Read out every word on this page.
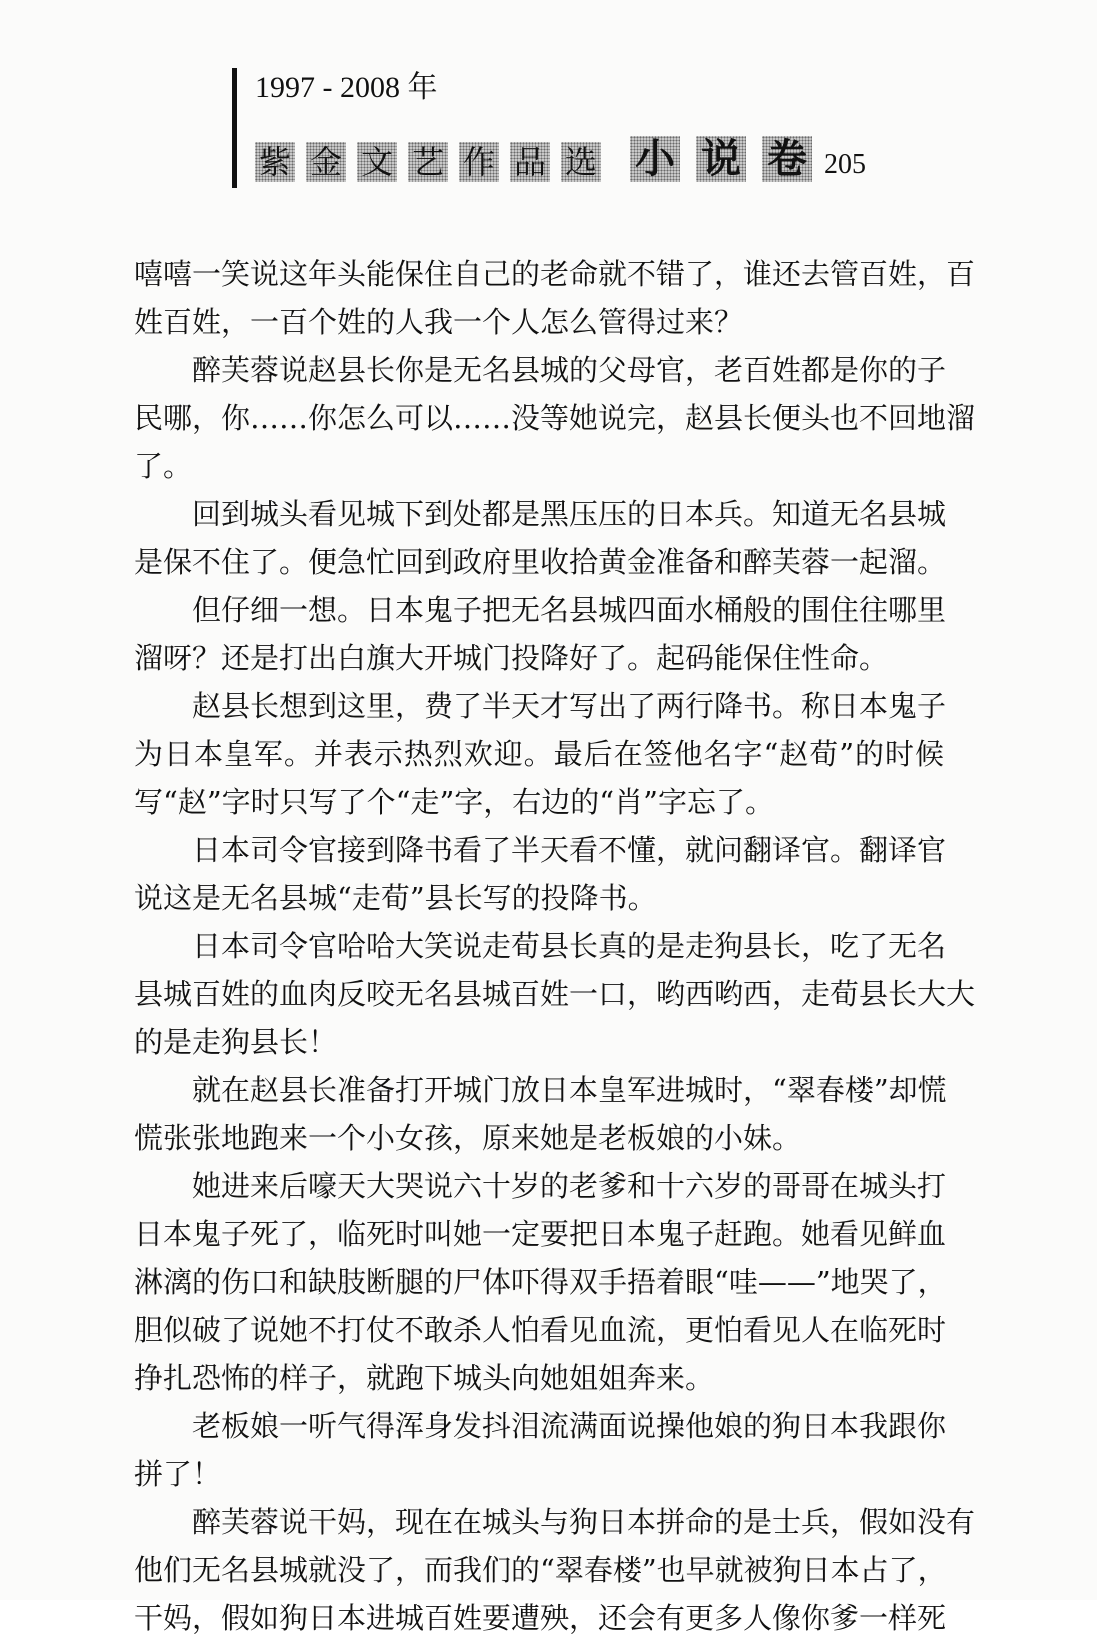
1997 - 2008 年
紫 金 文 艺 作 品 选 小 说 卷 205
嘻嘻一笑说这年头能保住自己的老命就不错了，谁还去管百姓，百
姓百姓，一百个姓的人我一个人怎么管得过来？
醉芙蓉说赵县长你是无名县城的父母官，老百姓都是你的子
民哪，你……你怎么可以……没等她说完，赵县长便头也不回地溜
了。
回到城头看见城下到处都是黑压压的日本兵。知道无名县城
是保不住了。便急忙回到政府里收拾黄金准备和醉芙蓉一起溜。
但仔细一想。日本鬼子把无名县城四面水桶般的围住往哪里
溜呀？还是打出白旗大开城门投降好了。起码能保住性命。
赵县长想到这里，费了半天才写出了两行降书。称日本鬼子
为日本皇军。并表示热烈欢迎。最后在签他名字“赵荀”的时候
写“赵”字时只写了个“走”字，右边的“肖”字忘了。
日本司令官接到降书看了半天看不懂，就问翻译官。翻译官
说这是无名县城“走荀”县长写的投降书。
日本司令官哈哈大笑说走荀县长真的是走狗县长，吃了无名
县城百姓的血肉反咬无名县城百姓一口，哟西哟西，走荀县长大大
的是走狗县长！
就在赵县长准备打开城门放日本皇军进城时，“翠春楼”却慌
慌张张地跑来一个小女孩，原来她是老板娘的小妹。
她进来后嚎天大哭说六十岁的老爹和十六岁的哥哥在城头打
日本鬼子死了，临死时叫她一定要把日本鬼子赶跑。她看见鲜血
淋漓的伤口和缺肢断腿的尸体吓得双手捂着眼“哇——”地哭了，
胆似破了说她不打仗不敢杀人怕看见血流，更怕看见人在临死时
挣扎恐怖的样子，就跑下城头向她姐姐奔来。
老板娘一听气得浑身发抖泪流满面说操他娘的狗日本我跟你
拼了！
醉芙蓉说干妈，现在在城头与狗日本拼命的是士兵，假如没有
他们无名县城就没了，而我们的“翠春楼”也早就被狗日本占了，
干妈，假如狗日本进城百姓要遭殃，还会有更多人像你爹一样死
